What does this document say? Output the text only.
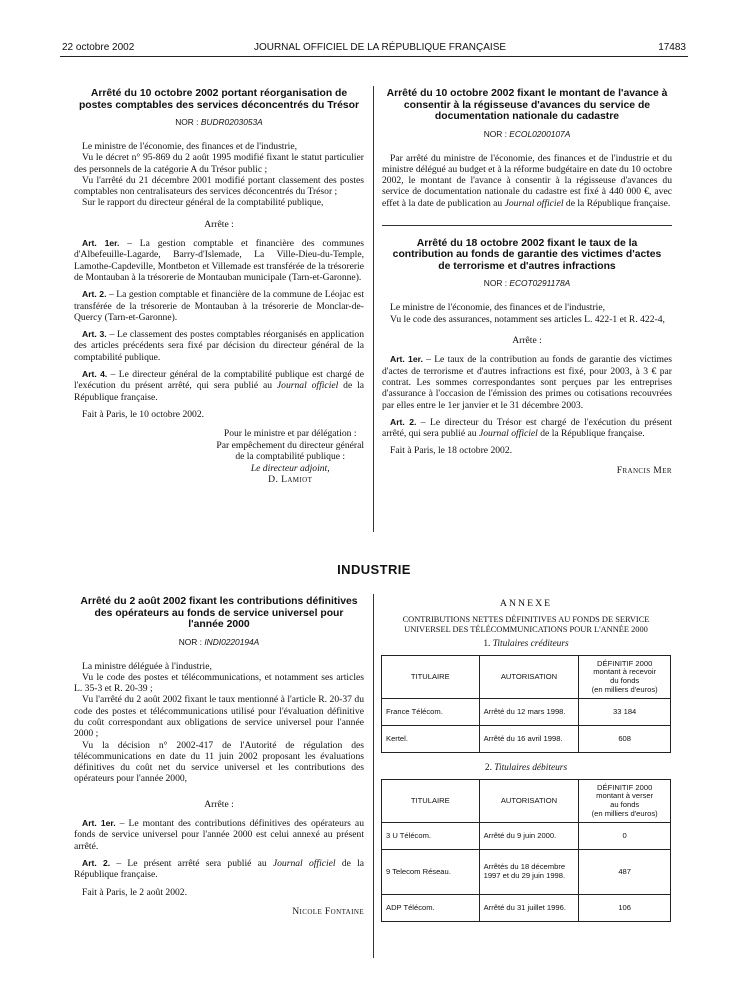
22 octobre 2002	JOURNAL OFFICIEL DE LA RÉPUBLIQUE FRANÇAISE	17483
Arrêté du 10 octobre 2002 portant réorganisation de postes comptables des services déconcentrés du Trésor
NOR : BUDR0203053A

Le ministre de l'économie, des finances et de l'industrie,

Vu le décret n° 95-869 du 2 août 1995 modifié fixant le statut particulier des personnels de la catégorie A du Trésor public ;

Vu l'arrêté du 21 décembre 2001 modifié portant classement des postes comptables non centralisateurs des services déconcentrés du Trésor ;

Sur le rapport du directeur général de la comptabilité publique,

Arrête :

Art. 1er. – La gestion comptable et financière des communes d'Albefeuille-Lagarde, Barry-d'Islemade, La Ville-Dieu-du-Temple, Lamothe-Capdeville, Montbeton et Villemade est transférée de la trésorerie de Montauban à la trésorerie de Montauban municipale (Tarn-et-Garonne).

Art. 2. – La gestion comptable et financière de la commune de Léojac est transférée de la trésorerie de Montauban à la trésorerie de Monclar-de-Quercy (Tarn-et-Garonne).

Art. 3. – Le classement des postes comptables réorganisés en application des articles précédents sera fixé par décision du directeur général de la comptabilité publique.

Art. 4. – Le directeur général de la comptabilité publique est chargé de l'exécution du présent arrêté, qui sera publié au Journal officiel de la République française.

Fait à Paris, le 10 octobre 2002.

Pour le ministre et par délégation :
Par empêchement du directeur général
de la comptabilité publique :
Le directeur adjoint,
D. Lamiot
Arrêté du 10 octobre 2002 fixant le montant de l'avance à consentir à la régisseuse d'avances du service de documentation nationale du cadastre
NOR : ECOL0200107A

Par arrêté du ministre de l'économie, des finances et de l'industrie et du ministre délégué au budget et à la réforme budgétaire en date du 10 octobre 2002, le montant de l'avance à consentir à la régisseuse d'avances du service de documentation nationale du cadastre est fixé à 440 000 €, avec effet à la date de publication au Journal officiel de la République française.

Arrêté du 18 octobre 2002 fixant le taux de la contribution au fonds de garantie des victimes d'actes de terrorisme et d'autres infractions
NOR : ECOT0291178A

Le ministre de l'économie, des finances et de l'industrie,

Vu le code des assurances, notamment ses articles L. 422-1 et R. 422-4,

Arrête :

Art. 1er. – Le taux de la contribution au fonds de garantie des victimes d'actes de terrorisme et d'autres infractions est fixé, pour 2003, à 3 € par contrat. Les sommes correspondantes sont perçues par les entreprises d'assurance à l'occasion de l'émission des primes ou cotisations recouvrées par elles entre le 1er janvier et le 31 décembre 2003.

Art. 2. – Le directeur du Trésor est chargé de l'exécution du présent arrêté, qui sera publié au Journal officiel de la République française.

Fait à Paris, le 18 octobre 2002.

Francis Mer
INDUSTRIE
Arrêté du 2 août 2002 fixant les contributions définitives des opérateurs au fonds de service universel pour l'année 2000
NOR : INDI0220194A

La ministre déléguée à l'industrie,

Vu le code des postes et télécommunications, et notamment ses articles L. 35-3 et R. 20-39 ;

Vu l'arrêté du 2 août 2002 fixant le taux mentionné à l'article R. 20-37 du code des postes et télécommunications utilisé pour l'évaluation définitive du coût correspondant aux obligations de service universel pour l'année 2000 ;

Vu la décision n° 2002-417 de l'Autorité de régulation des télécommunications en date du 11 juin 2002 proposant les évaluations définitives du coût net du service universel et les contributions des opérateurs pour l'année 2000,

Arrête :

Art. 1er. – Le montant des contributions définitives des opérateurs au fonds de service universel pour l'année 2000 est celui annexé au présent arrêté.

Art. 2. – Le présent arrêté sera publié au Journal officiel de la République française.

Fait à Paris, le 2 août 2002.

Nicole Fontaine
ANNEXE
CONTRIBUTIONS NETTES DÉFINITIVES AU FONDS DE SERVICE
UNIVERSEL DES TÉLÉCOMMUNICATIONS POUR L'ANNÉE 2000
1. Titulaires créditeurs
TITULAIRE	AUTORISATION	DÉFINITIF 2000
montant à recevoir
du fonds
(en milliers d'euros)

France Télécom.	Arrêté du 12 mars 1998.	33 184
Kertel.	Arrêté du 16 avril 1998.	608
2. Titulaires débiteurs
TITULAIRE	AUTORISATION	DÉFINITIF 2000
montant à verser
au fonds
(en milliers d'euros)

3 U Télécom.	Arrêté du 9 juin 2000.	0
9 Telecom Réseau.	Arrêtés du 18 décembre 1997 et du 29 juin 1998.	487
ADP Télécom.	Arrêté du 31 juillet 1996.	106
